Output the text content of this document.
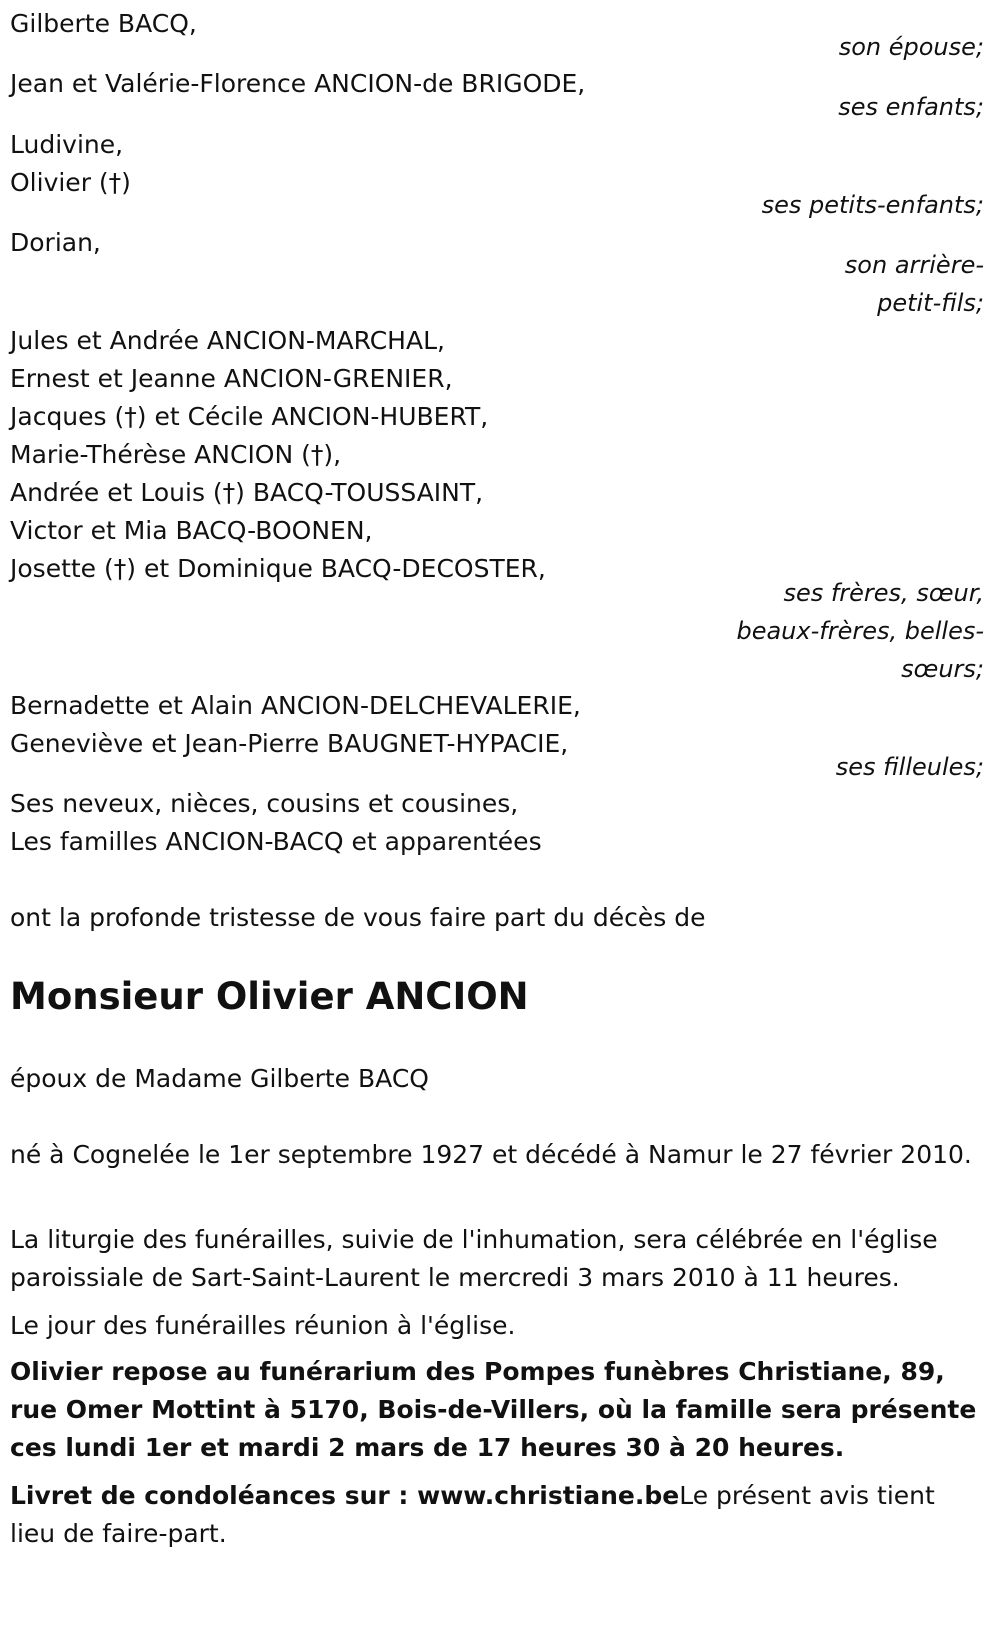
Gilberte BACQ,
son épouse;
Jean et Valérie-Florence ANCION-de BRIGODE,
ses enfants;
Ludivine,
Olivier (†)
ses petits-enfants;
Dorian,
son arrière-
petit-fils;
Jules et Andrée ANCION-MARCHAL,
Ernest et Jeanne ANCION-GRENIER,
Jacques (†) et Cécile ANCION-HUBERT,
Marie-Thérèse ANCION (†),
Andrée et Louis (†) BACQ-TOUSSAINT,
Victor et Mia BACQ-BOONEN,
Josette (†) et Dominique BACQ-DECOSTER,
ses frères, sœur,
beaux-frères, belles-
sœurs;
Bernadette et Alain ANCION-DELCHEVALERIE,
Geneviève et Jean-Pierre BAUGNET-HYPACIE,
ses filleules;
Ses neveux, nièces, cousins et cousines,
Les familles ANCION-BACQ et apparentées
ont la profonde tristesse de vous faire part du décès de
Monsieur Olivier ANCION
époux de Madame Gilberte BACQ
né à Cognelée le 1er septembre 1927 et décédé à Namur le 27 février 2010.
La liturgie des funérailles, suivie de l'inhumation, sera célébrée en l'église paroissiale de Sart-Saint-Laurent le mercredi 3 mars 2010 à 11 heures.
Le jour des funérailles réunion à l'église.
Olivier repose au funérarium des Pompes funèbres Christiane, 89, rue Omer Mottint à 5170, Bois-de-Villers, où la famille sera présente ces lundi 1er et mardi 2 mars de 17 heures 30 à 20 heures.
Livret de condoléances sur : www.christiane.beLe présent avis tient lieu de faire-part.
